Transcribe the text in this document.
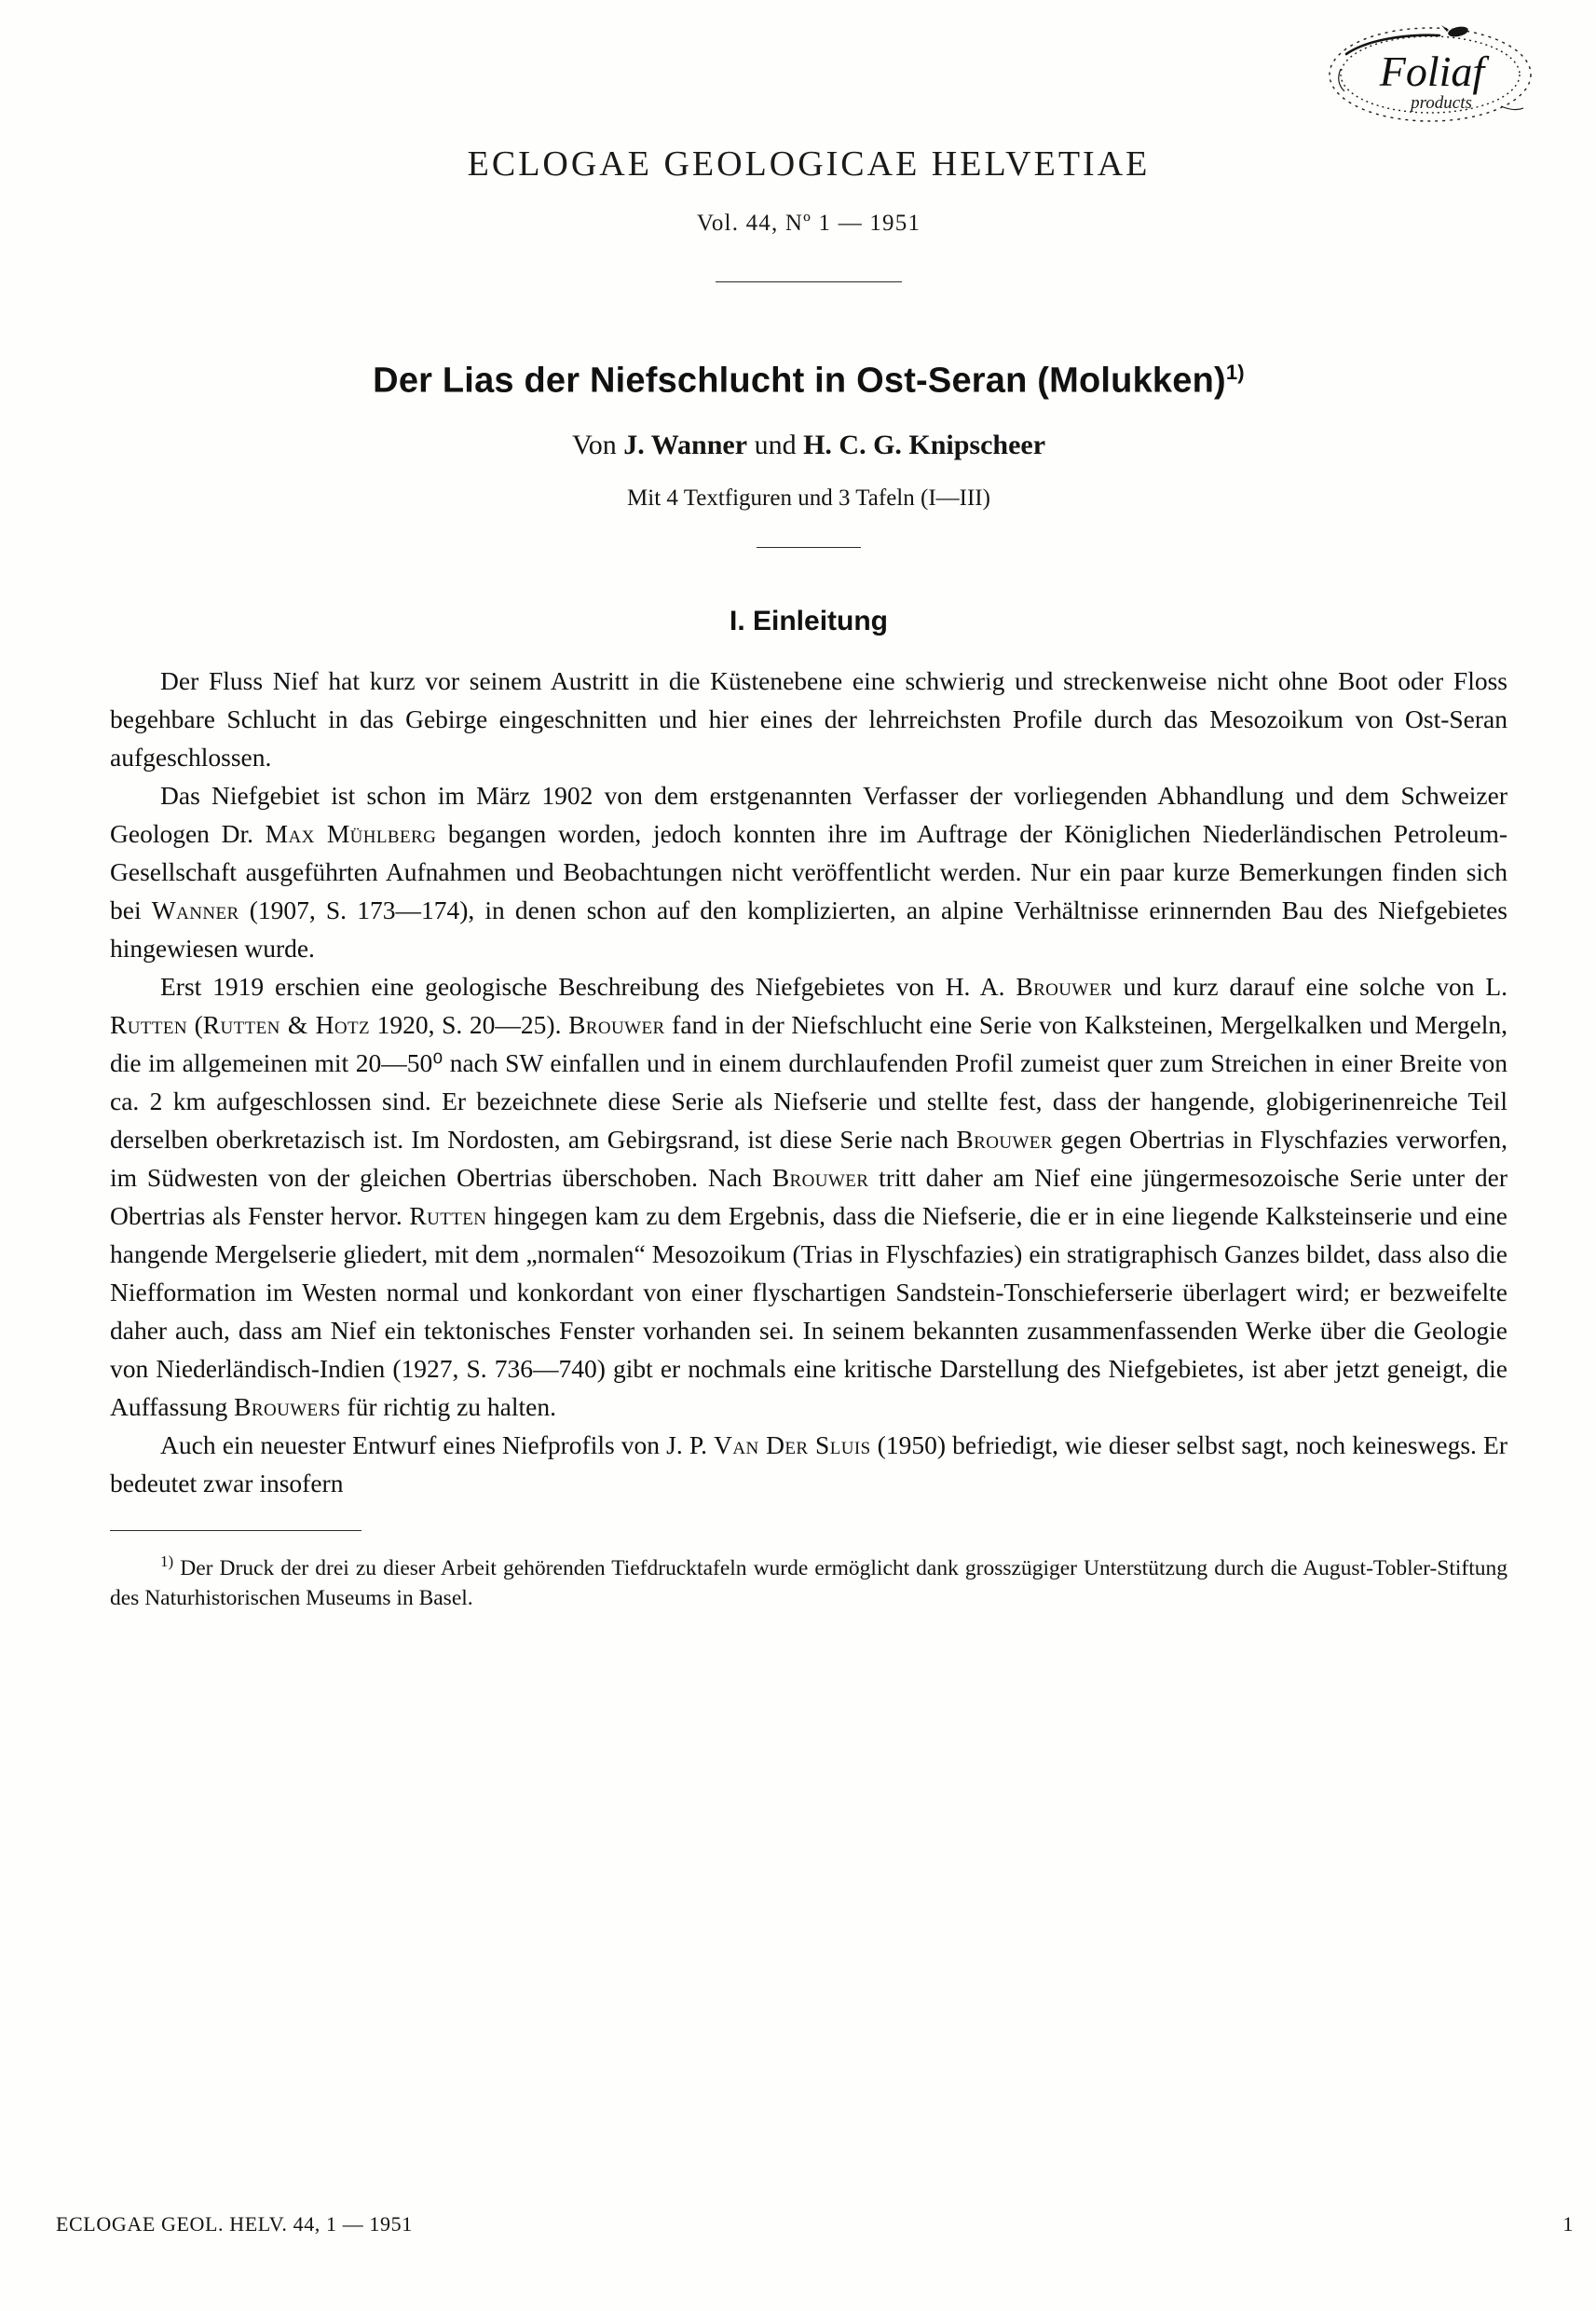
Foliaf
products
ECLOGAE GEOLOGICAE HELVETIAE
Vol. 44, Nº 1 — 1951
Der Lias der Niefschlucht in Ost-Seran (Molukken)$^{1)}$
Von J. Wanner und H. C. G. Knipscheer
Mit 4 Textfiguren und 3 Tafeln (I—III)
I. Einleitung

Der Fluss Nief hat kurz vor seinem Austritt in die Küstenebene eine schwierig und streckenweise nicht ohne Boot oder Floss begehbare Schlucht in das Gebirge eingeschnitten und hier eines der lehrreichsten Profile durch das Mesozoikum von Ost-Seran aufgeschlossen.

Das Niefgebiet ist schon im März 1902 von dem erstgenannten Verfasser der vorliegenden Abhandlung und dem Schweizer Geologen Dr. Max Mühlberg begangen worden, jedoch konnten ihre im Auftrage der Königlichen Niederländischen Petroleum-Gesellschaft ausgeführten Aufnahmen und Beobachtungen nicht veröffentlicht werden. Nur ein paar kurze Bemerkungen finden sich bei Wanner (1907, S. 173—174), in denen schon auf den komplizierten, an alpine Verhältnisse erinnernden Bau des Niefgebietes hingewiesen wurde.

Erst 1919 erschien eine geologische Beschreibung des Niefgebietes von H. A. Brouwer und kurz darauf eine solche von L. Rutten (Rutten & Hotz 1920, S. 20—25). Brouwer fand in der Niefschlucht eine Serie von Kalksteinen, Mergelkalken und Mergeln, die im allgemeinen mit 20—50⁰ nach SW einfallen und in einem durchlaufenden Profil zumeist quer zum Streichen in einer Breite von ca. 2 km aufgeschlossen sind. Er bezeichnete diese Serie als Niefserie und stellte fest, dass der hangende, globigerinenreiche Teil derselben oberkretazisch ist. Im Nordosten, am Gebirgsrand, ist diese Serie nach Brouwer gegen Obertrias in Flyschfazies verworfen, im Südwesten von der gleichen Obertrias überschoben. Nach Brouwer tritt daher am Nief eine jüngermesozoische Serie unter der Obertrias als Fenster hervor. Rutten hingegen kam zu dem Ergebnis, dass die Niefserie, die er in eine liegende Kalksteinserie und eine hangende Mergelserie gliedert, mit dem „normalen“ Mesozoikum (Trias in Flyschfazies) ein stratigraphisch Ganzes bildet, dass also die Niefformation im Westen normal und konkordant von einer flyschartigen Sandstein-Tonschieferserie überlagert wird; er bezweifelte daher auch, dass am Nief ein tektonisches Fenster vorhanden sei. In seinem bekannten zusammenfassenden Werke über die Geologie von Niederländisch-Indien (1927, S. 736—740) gibt er nochmals eine kritische Darstellung des Niefgebietes, ist aber jetzt geneigt, die Auffassung Brouwers für richtig zu halten.

Auch ein neuester Entwurf eines Niefprofils von J. P. Van Der Sluis (1950) befriedigt, wie dieser selbst sagt, noch keineswegs. Er bedeutet zwar insofern

$^{1)}$ Der Druck der drei zu dieser Arbeit gehörenden Tiefdrucktafeln wurde ermöglicht dank grosszügiger Unterstützung durch die August-Tobler-Stiftung des Naturhistorischen Museums in Basel.

ECLOGAE GEOL. HELV. 44, 1 — 1951	1
